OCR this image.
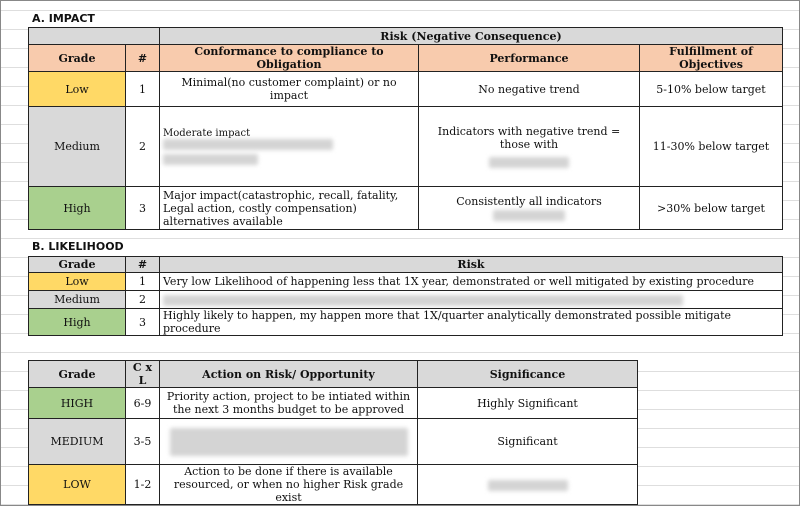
A. IMPACT
		Risk (Negative Consequence)		
Grade	#	Conformance to compliance to Obligation	Performance	Fulfillment of Objectives
Low	1	Minimal(no customer complaint) or no impact	No negative trend	5-10% below target
Medium	2	Moderate impact	Indicators with negative trend = those with	11-30% below target
High	3	Major impact(catastrophic, recall, fatality, Legal action, costly compensation) alternatives available	Consistently all indicators	>30% below target
B. LIKELIHOOD
Grade	#	Risk
Low	1	Very low Likelihood of happening less that 1X year, demonstrated or well mitigated by existing procedure
Medium	2	
High	3	Highly likely to happen, my happen more that 1X/quarter analytically demonstrated possible mitigate procedure
Grade	C x L	Action on Risk/ Opportunity	Significance
HIGH	6-9	Priority action, project to be intiated within the next 3 months budget to be approved	Highly Significant
MEDIUM	3-5		Significant
LOW	1-2	Action to be done if there is available resourced, or when no higher Risk grade exist	
